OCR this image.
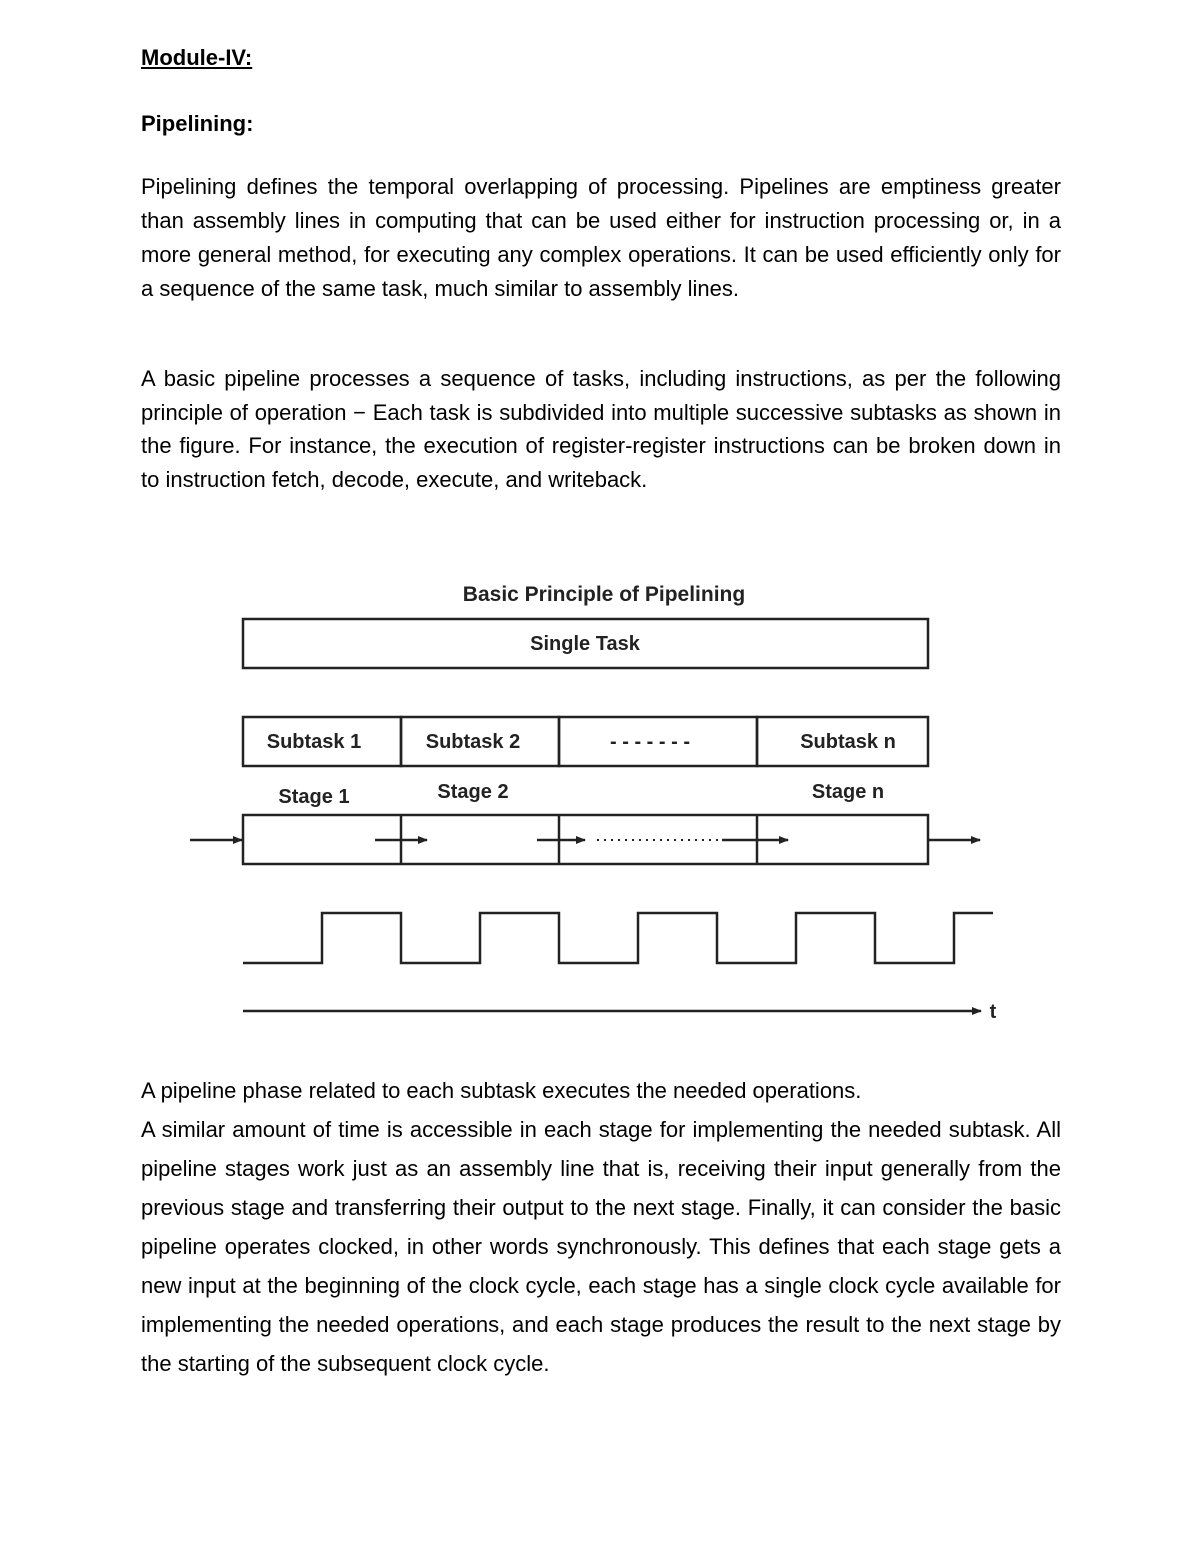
Module-IV:
Pipelining:

Pipelining defines the temporal overlapping of processing. Pipelines are emptiness greater than assembly lines in computing that can be used either for instruction processing or, in a more general method, for executing any complex operations. It can be used efficiently only for a sequence of the same task, much similar to assembly lines.

A basic pipeline processes a sequence of tasks, including instructions, as per the following principle of operation − Each task is subdivided into multiple successive subtasks as shown in the figure. For instance, the execution of register-register instructions can be broken down in to instruction fetch, decode, execute, and writeback.

Basic Principle of Pipelining
Single Task
Subtask 1	Subtask 2	- - - - - - -	Subtask n
Stage 1	Stage 2	Stage n
t

A pipeline phase related to each subtask executes the needed operations.

A similar amount of time is accessible in each stage for implementing the needed subtask. All pipeline stages work just as an assembly line that is, receiving their input generally from the previous stage and transferring their output to the next stage. Finally, it can consider the basic pipeline operates clocked, in other words synchronously. This defines that each stage gets a new input at the beginning of the clock cycle, each stage has a single clock cycle available for implementing the needed operations, and each stage produces the result to the next stage by the starting of the subsequent clock cycle.
